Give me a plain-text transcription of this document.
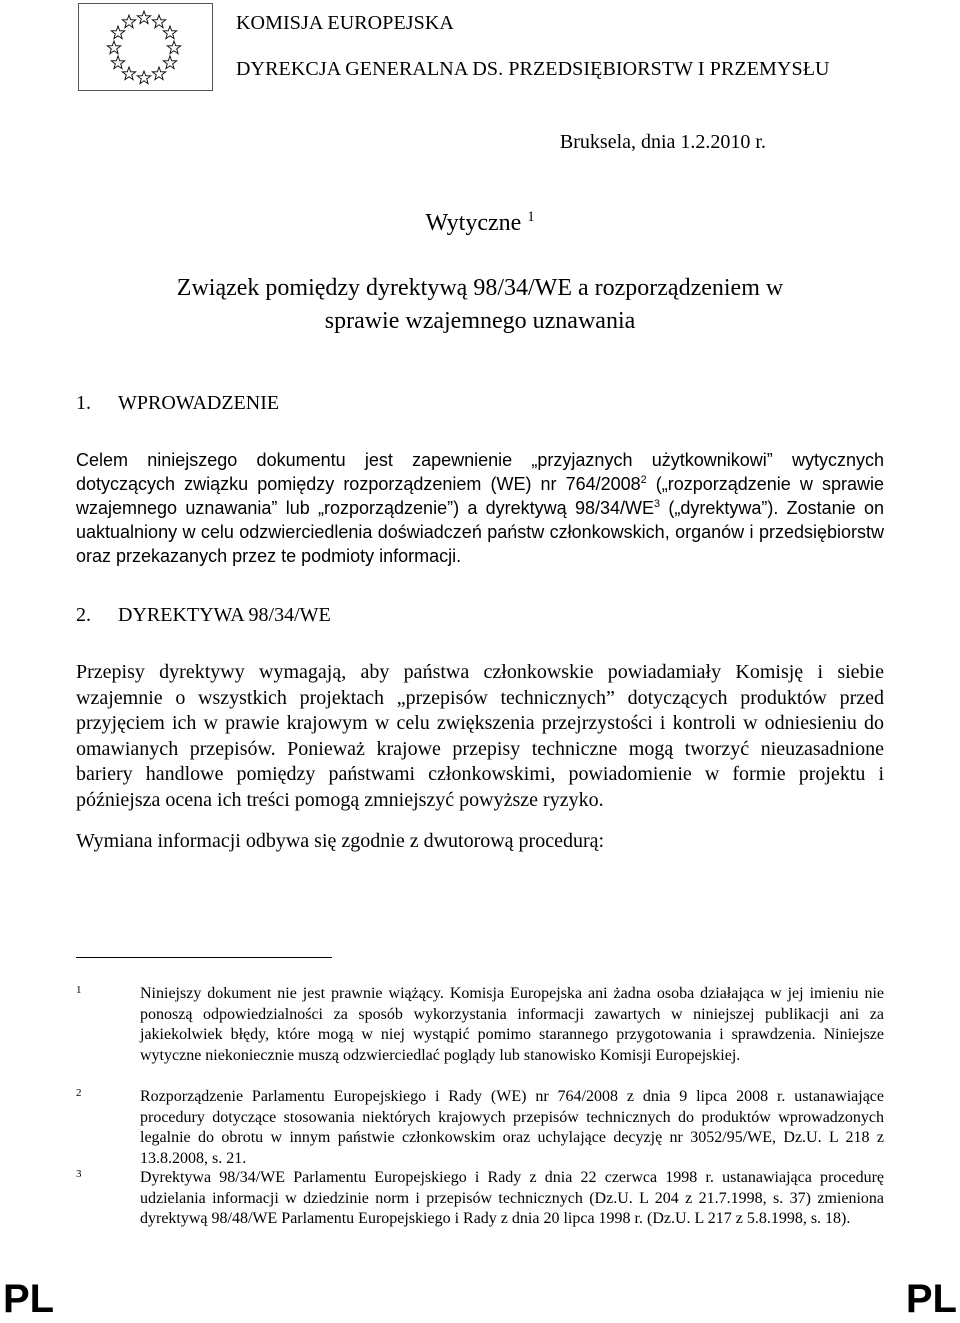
KOMISJA EUROPEJSKA
DYREKCJA GENERALNA DS. PRZEDSIĘBIORSTW I PRZEMYSŁU
Bruksela, dnia 1.2.2010 r.
Wytyczne $^1$
Związek pomiędzy dyrektywą 98/34/WE a rozporządzeniem w
sprawie wzajemnego uznawania
1. WPROWADZENIE
Celem niniejszego dokumentu jest zapewnienie „przyjaznych użytkownikowi” wytycznych dotyczących związku pomiędzy rozporządzeniem (WE) nr 764/2008$^2$ („rozporządzenie w sprawie wzajemnego uznawania” lub „rozporządzenie”) a dyrektywą $98/34/WE^3$ („dyrektywa”). Zostanie on uaktualniony w celu odzwierciedlenia doświadczeń państw członkowskich, organów i przedsiębiorstw oraz przekazanych przez te podmioty informacji.
2. DYREKTYWA 98/34/WE
Przepisy dyrektywy wymagają, aby państwa członkowskie powiadamiały Komisję i siebie wzajemnie o wszystkich projektach „przepisów technicznych” dotyczących produktów przed przyjęciem ich w prawie krajowym w celu zwiększenia przejrzystości i kontroli w odniesieniu do omawianych przepisów. Ponieważ krajowe przepisy techniczne mogą tworzyć nieuzasadnione bariery handlowe pomiędzy państwami członkowskimi, powiadomienie w formie projektu i późniejsza ocena ich treści pomogą zmniejszyć powyższe ryzyko.
Wymiana informacji odbywa się zgodnie z dwutorową procedurą:
1	Niniejszy dokument nie jest prawnie wiążący. Komisja Europejska ani żadna osoba działająca w jej imieniu nie ponoszą odpowiedzialności za sposób wykorzystania informacji zawartych w niniejszej publikacji ani za jakiekolwiek błędy, które mogą w niej wystąpić pomimo starannego przygotowania i sprawdzenia. Niniejsze wytyczne niekoniecznie muszą odzwierciedlać poglądy lub stanowisko Komisji Europejskiej.
2	Rozporządzenie Parlamentu Europejskiego i Rady (WE) nr 764/2008 z dnia 9 lipca 2008 r. ustanawiające procedury dotyczące stosowania niektórych krajowych przepisów technicznych do produktów wprowadzonych legalnie do obrotu w innym państwie członkowskim oraz uchylające decyzję nr 3052/95/WE, Dz.U. L 218 z 13.8.2008, s. 21.
3	Dyrektywa 98/34/WE Parlamentu Europejskiego i Rady z dnia 22 czerwca 1998 r. ustanawiająca procedurę udzielania informacji w dziedzinie norm i przepisów technicznych (Dz.U. L 204 z 21.7.1998, s. 37) zmieniona dyrektywą 98/48/WE Parlamentu Europejskiego i Rady z dnia 20 lipca 1998 r. (Dz.U. L 217 z 5.8.1998, s. 18).
PL	PL
